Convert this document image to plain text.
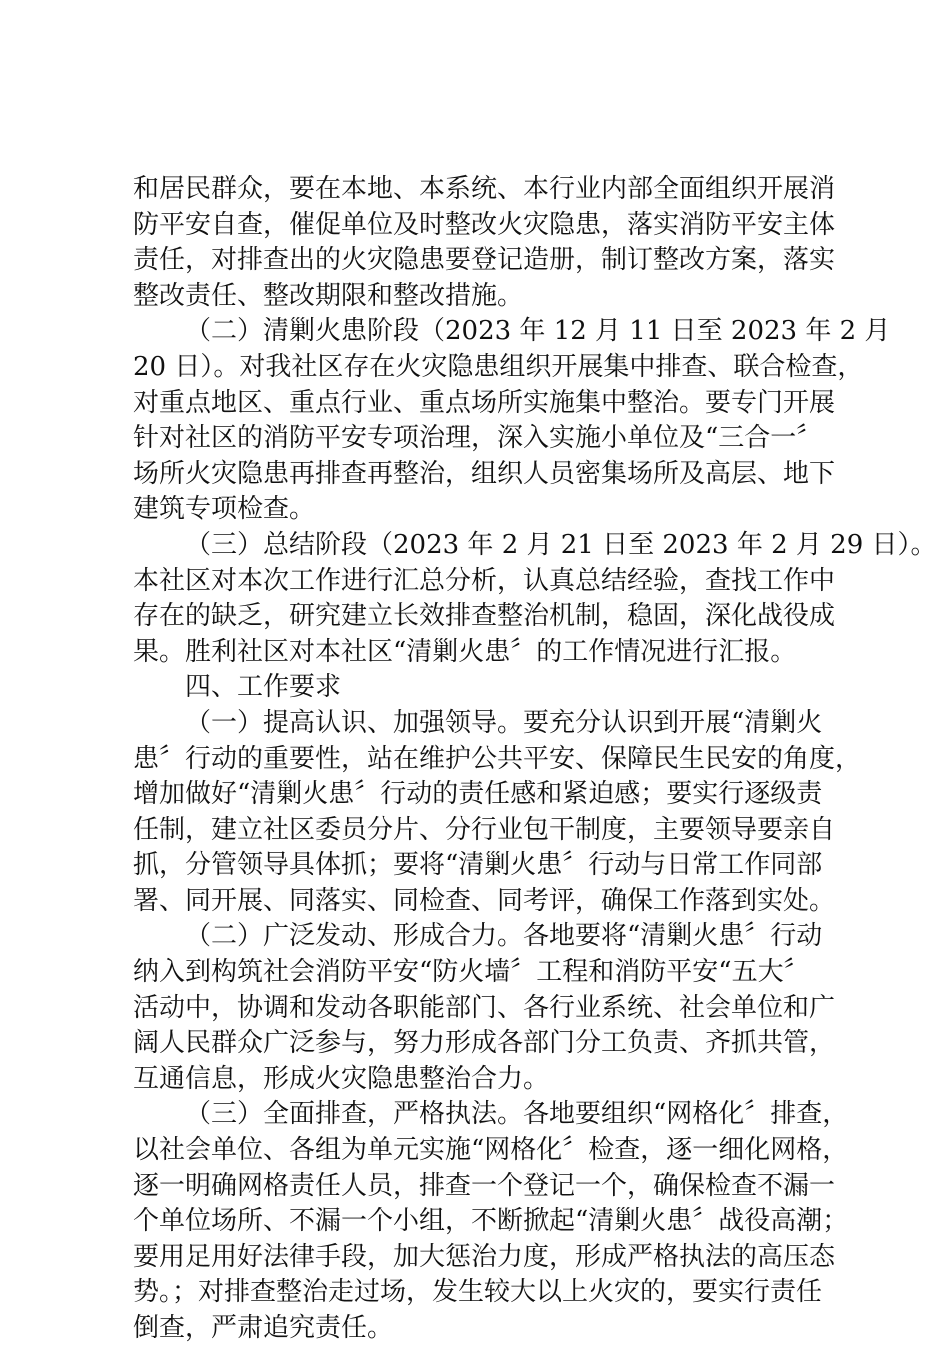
和居民群众，要在本地、本系统、本行业内部全面组织开展消
防平安自查，催促单位及时整改火灾隐患，落实消防平安主体
责任，对排查出的火灾隐患要登记造册，制订整改方案，落实
整改责任、整改期限和整改措施。
（二）清剿火患阶段（2023 年 12 月 11 日至 2023 年 2 月
20 日）。对我社区存在火灾隐患组织开展集中排查、联合检查，
对重点地区、重点行业、重点场所实施集中整治。要专门开展
针对社区的消防平安专项治理，深入实施小单位及“三合一〞
场所火灾隐患再排查再整治，组织人员密集场所及高层、地下
建筑专项检查。
（三）总结阶段（2023 年 2 月 21 日至 2023 年 2 月 29 日）。
本社区对本次工作进行汇总分析，认真总结经验，查找工作中
存在的缺乏，研究建立长效排查整治机制，稳固，深化战役成
果。胜利社区对本社区“清剿火患〞的工作情况进行汇报。
四、工作要求
（一）提高认识、加强领导。要充分认识到开展“清剿火
患〞行动的重要性，站在维护公共平安、保障民生民安的角度，
增加做好“清剿火患〞行动的责任感和紧迫感；要实行逐级责
任制，建立社区委员分片、分行业包干制度，主要领导要亲自
抓，分管领导具体抓；要将“清剿火患〞行动与日常工作同部
署、同开展、同落实、同检查、同考评，确保工作落到实处。
（二）广泛发动、形成合力。各地要将“清剿火患〞行动
纳入到构筑社会消防平安“防火墙〞工程和消防平安“五大〞
活动中，协调和发动各职能部门、各行业系统、社会单位和广
阔人民群众广泛参与，努力形成各部门分工负责、齐抓共管，
互通信息，形成火灾隐患整治合力。
（三）全面排查，严格执法。各地要组织“网格化〞排查，
以社会单位、各组为单元实施“网格化〞检查，逐一细化网格，
逐一明确网格责任人员，排查一个登记一个，确保检查不漏一
个单位场所、不漏一个小组，不断掀起“清剿火患〞战役高潮；
要用足用好法律手段，加大惩治力度，形成严格执法的高压态
势。；对排查整治走过场，发生较大以上火灾的，要实行责任
倒查，严肃追究责任。
